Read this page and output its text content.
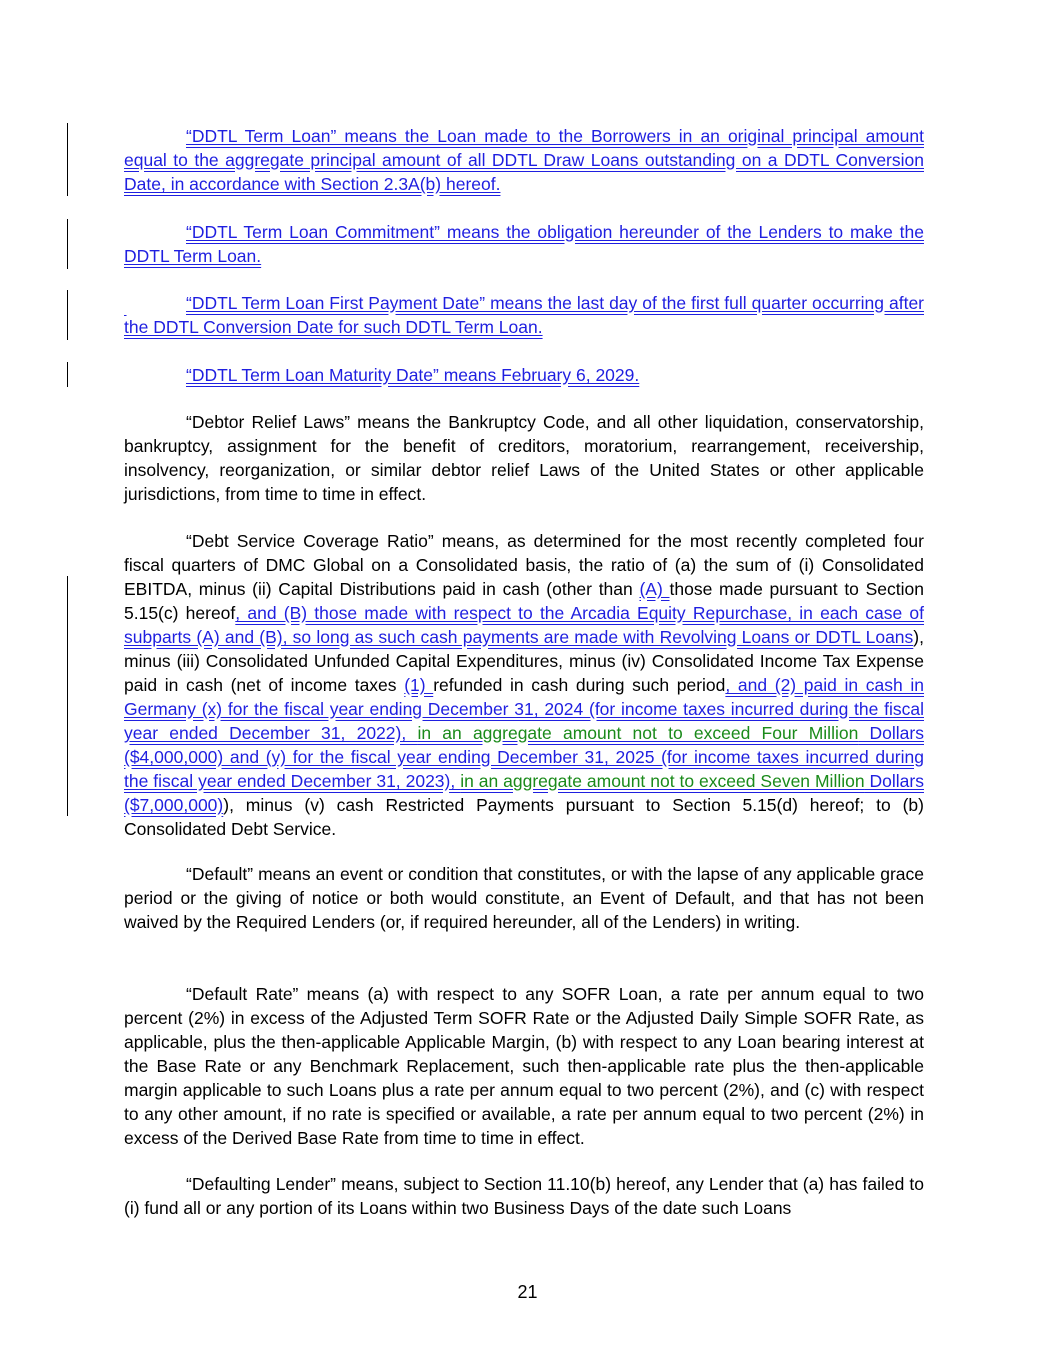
“DDTL Term Loan” means the Loan made to the Borrowers in an original principal amount equal to the aggregate principal amount of all DDTL Draw Loans outstanding on a DDTL Conversion Date, in accordance with Section 2.3A(b) hereof.

“DDTL Term Loan Commitment” means the obligation hereunder of the Lenders to make the DDTL Term Loan.

“DDTL Term Loan First Payment Date” means the last day of the first full quarter occurring after the DDTL Conversion Date for such DDTL Term Loan.

“DDTL Term Loan Maturity Date” means February 6, 2029.

“Debtor Relief Laws” means the Bankruptcy Code, and all other liquidation, conservatorship, bankruptcy, assignment for the benefit of creditors, moratorium, rearrangement, receivership, insolvency, reorganization, or similar debtor relief Laws of the United States or other applicable jurisdictions, from time to time in effect.

“Debt Service Coverage Ratio” means, as determined for the most recently completed four fiscal quarters of DMC Global on a Consolidated basis, the ratio of (a) the sum of (i) Consolidated EBITDA, minus (ii) Capital Distributions paid in cash (other than (A) those made pursuant to Section 5.15(c) hereof, and (B) those made with respect to the Arcadia Equity Repurchase, in each case of subparts (A) and (B), so long as such cash payments are made with Revolving Loans or DDTL Loans), minus (iii) Consolidated Unfunded Capital Expenditures, minus (iv) Consolidated Income Tax Expense paid in cash (net of income taxes (1) refunded in cash during such period, and (2) paid in cash in Germany (x) for the fiscal year ending December 31, 2024 (for income taxes incurred during the fiscal year ended December 31, 2022), in an aggregate amount not to exceed Four Million Dollars ($4,000,000) and (y) for the fiscal year ending December 31, 2025 (for income taxes incurred during the fiscal year ended December 31, 2023), in an aggregate amount not to exceed Seven Million Dollars ($7,000,000)), minus (v) cash Restricted Payments pursuant to Section 5.15(d) hereof; to (b) Consolidated Debt Service.

“Default” means an event or condition that constitutes, or with the lapse of any applicable grace period or the giving of notice or both would constitute, an Event of Default, and that has not been waived by the Required Lenders (or, if required hereunder, all of the Lenders) in writing.

“Default Rate” means (a) with respect to any SOFR Loan, a rate per annum equal to two percent (2%) in excess of the Adjusted Term SOFR Rate or the Adjusted Daily Simple SOFR Rate, as applicable, plus the then-applicable Applicable Margin, (b) with respect to any Loan bearing interest at the Base Rate or any Benchmark Replacement, such then-applicable rate plus the then-applicable margin applicable to such Loans plus a rate per annum equal to two percent (2%), and (c) with respect to any other amount, if no rate is specified or available, a rate per annum equal to two percent (2%) in excess of the Derived Base Rate from time to time in effect.

“Defaulting Lender” means, subject to Section 11.10(b) hereof, any Lender that (a) has failed to (i) fund all or any portion of its Loans within two Business Days of the date such Loans

21
